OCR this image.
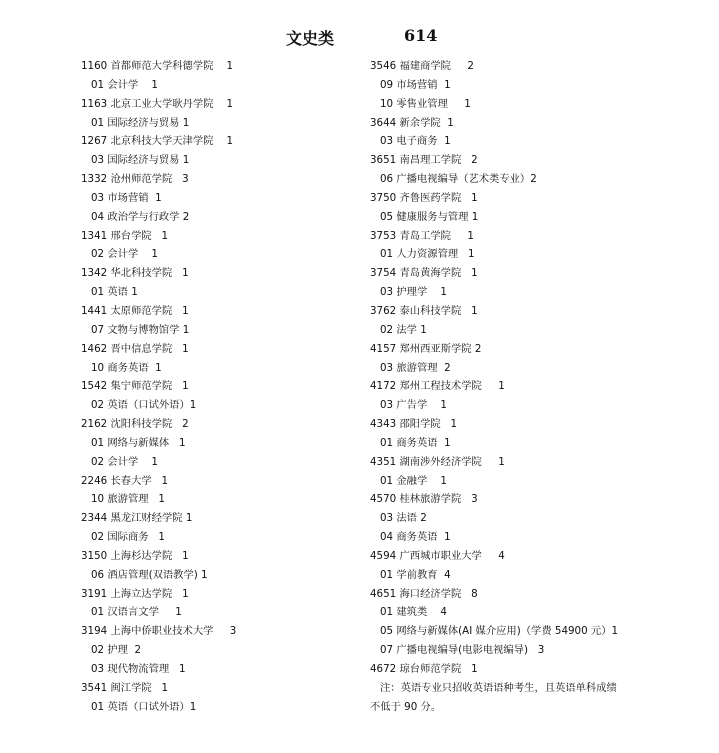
文史类	614
1160 首都师范大学科德学院    1
01 会计学    1
1163 北京工业大学耿丹学院    1
01 国际经济与贸易 1
1267 北京科技大学天津学院    1
03 国际经济与贸易 1
1332 沧州师范学院   3
03 市场营销  1
04 政治学与行政学 2
1341 邢台学院   1
02 会计学    1
1342 华北科技学院   1
01 英语 1
1441 太原师范学院   1
07 文物与博物馆学 1
1462 晋中信息学院   1
10 商务英语  1
1542 集宁师范学院   1
02 英语（口试外语）1
2162 沈阳科技学院   2
01 网络与新媒体   1
02 会计学    1
2246 长春大学   1
10 旅游管理   1
2344 黑龙江财经学院 1
02 国际商务   1
3150 上海杉达学院   1
06 酒店管理(双语教学) 1
3191 上海立达学院   1
01 汉语言文学     1
3194 上海中侨职业技术大学     3
02 护理  2
03 现代物流管理   1
3541 闽江学院   1
01 英语（口试外语）1
3546 福建商学院     2
09 市场营销  1
10 零售业管理     1
3644 新余学院  1
03 电子商务  1
3651 南昌理工学院   2
06 广播电视编导（艺术类专业）2
3750 齐鲁医药学院   1
05 健康服务与管理 1
3753 青岛工学院     1
01 人力资源管理   1
3754 青岛黄海学院   1
03 护理学    1
3762 泰山科技学院   1
02 法学 1
4157 郑州西亚斯学院 2
03 旅游管理  2
4172 郑州工程技术学院     1
03 广告学    1
4343 邵阳学院   1
01 商务英语  1
4351 湖南涉外经济学院     1
01 金融学    1
4570 桂林旅游学院   3
03 法语 2
04 商务英语  1
4594 广西城市职业大学     4
01 学前教育  4
4651 海口经济学院   8
01 建筑类    4
05 网络与新媒体(AI 媒介应用)（学费 54900 元）1
07 广播电视编导(电影电视编导)   3
4672 琼台师范学院   1
注：英语专业只招收英语语种考生，且英语单科成绩
不低于 90 分。
